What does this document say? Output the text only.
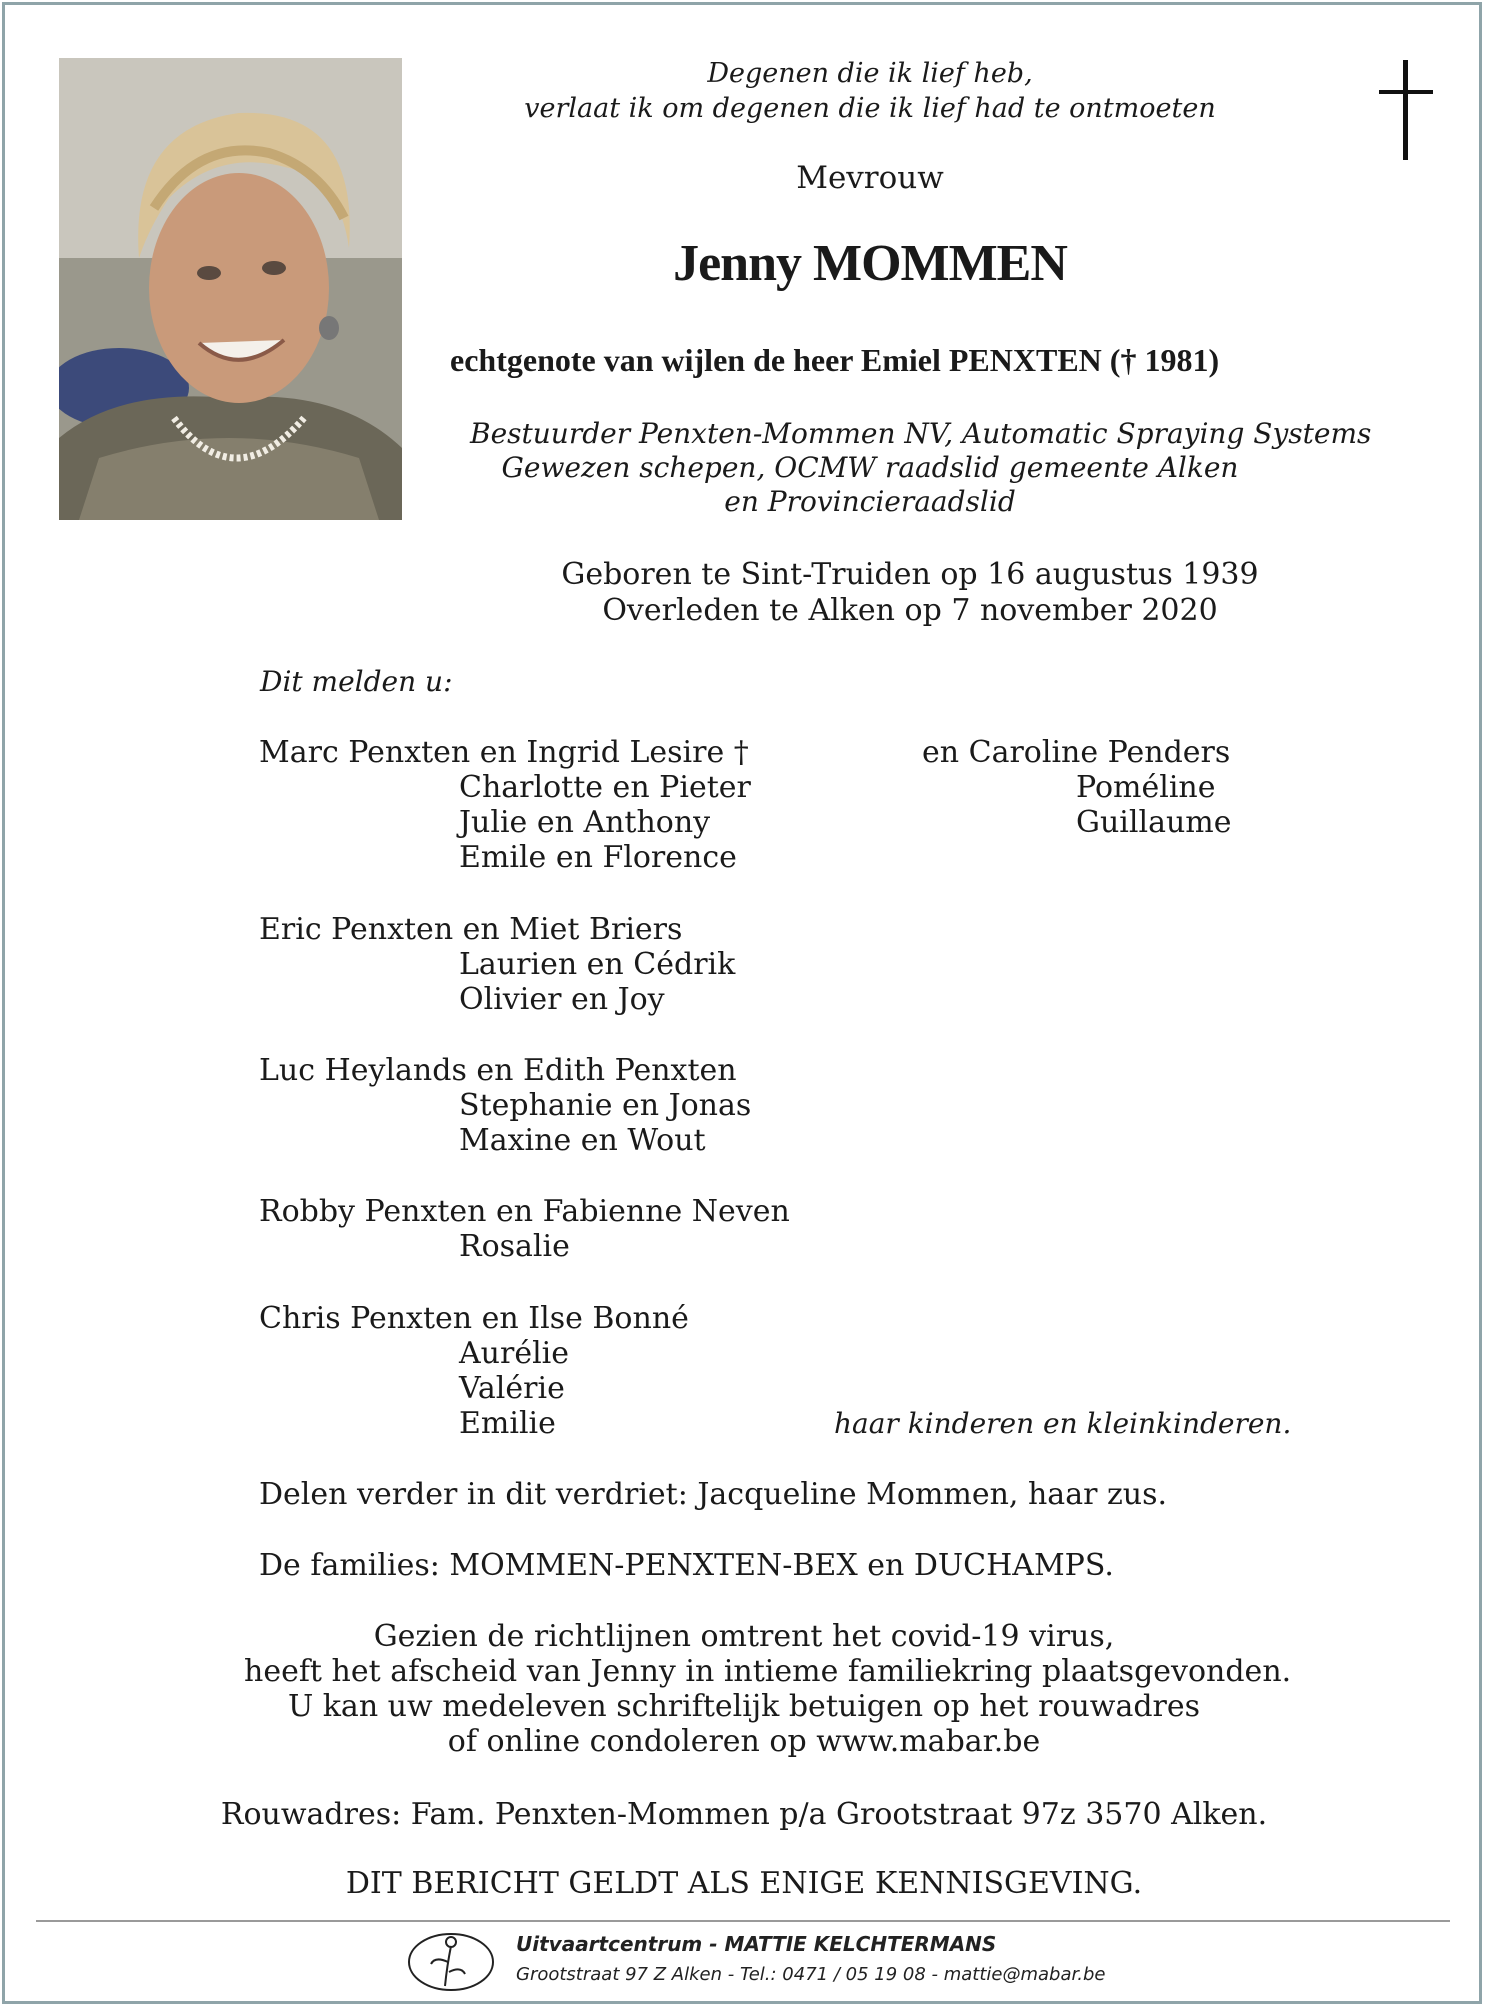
Degenen die ik lief heb,
verlaat ik om degenen die ik lief had te ontmoeten
Mevrouw
Jenny MOMMEN
echtgenote van wijlen de heer Emiel PENXTEN († 1981)
Bestuurder Penxten-Mommen NV, Automatic Spraying Systems
Gewezen schepen, OCMW raadslid gemeente Alken
en Provincieraadslid
Geboren te Sint-Truiden op 16 augustus 1939
Overleden te Alken op 7 november 2020
Dit melden u:
Marc Penxten en Ingrid Lesire †
Charlotte en Pieter
Julie en Anthony
Emile en Florence
en Caroline Penders
Poméline
Guillaume
Eric Penxten en Miet Briers
Laurien en Cédrik
Olivier en Joy
Luc Heylands en Edith Penxten
Stephanie en Jonas
Maxine en Wout
Robby Penxten en Fabienne Neven
Rosalie
Chris Penxten en Ilse Bonné
Aurélie
Valérie
Emilie	haar kinderen en kleinkinderen.
Delen verder in dit verdriet: Jacqueline Mommen, haar zus.
De families: MOMMEN-PENXTEN-BEX en DUCHAMPS.
Gezien de richtlijnen omtrent het covid-19 virus,
heeft het afscheid van Jenny in intieme familiekring plaatsgevonden.
U kan uw medeleven schriftelijk betuigen op het rouwadres
of online condoleren op www.mabar.be
Rouwadres: Fam. Penxten-Mommen p/a Grootstraat 97z 3570 Alken.
DIT BERICHT GELDT ALS ENIGE KENNISGEVING.
Uitvaartcentrum - MATTIE KELCHTERMANS
Grootstraat 97 Z Alken - Tel.: 0471 / 05 19 08 - mattie@mabar.be
